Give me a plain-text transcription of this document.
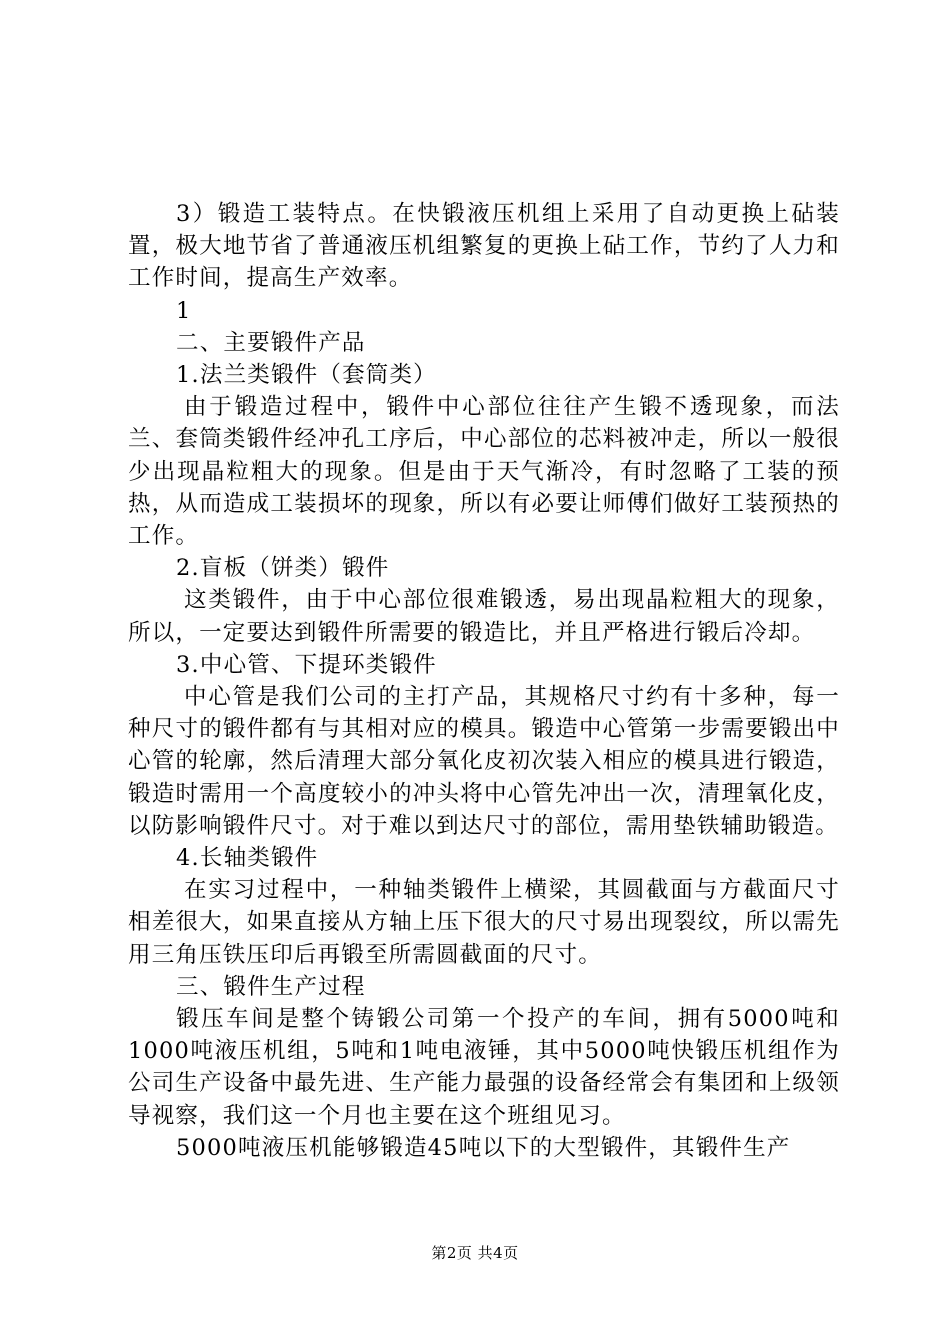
3）锻造工装特点。在快锻液压机组上采用了自动更换上砧装置，极大地节省了普通液压机组繁复的更换上砧工作，节约了人力和工作时间，提高生产效率。

1

二、主要锻件产品

1.法兰类锻件（套筒类）

由于锻造过程中，锻件中心部位往往产生锻不透现象，而法兰、套筒类锻件经冲孔工序后，中心部位的芯料被冲走，所以一般很少出现晶粒粗大的现象。但是由于天气渐冷，有时忽略了工装的预热，从而造成工装损坏的现象，所以有必要让师傅们做好工装预热的工作。

2.盲板（饼类）锻件

这类锻件，由于中心部位很难锻透，易出现晶粒粗大的现象，所以，一定要达到锻件所需要的锻造比，并且严格进行锻后冷却。

3.中心管、下提环类锻件

中心管是我们公司的主打产品，其规格尺寸约有十多种，每一种尺寸的锻件都有与其相对应的模具。锻造中心管第一步需要锻出中心管的轮廓，然后清理大部分氧化皮初次装入相应的模具进行锻造，锻造时需用一个高度较小的冲头将中心管先冲出一次，清理氧化皮，以防影响锻件尺寸。对于难以到达尺寸的部位，需用垫铁辅助锻造。

4.长轴类锻件

在实习过程中，一种轴类锻件上横梁，其圆截面与方截面尺寸相差很大，如果直接从方轴上压下很大的尺寸易出现裂纹，所以需先用三角压铁压印后再锻至所需圆截面的尺寸。

三、锻件生产过程

锻压车间是整个铸锻公司第一个投产的车间，拥有5000吨和1000吨液压机组，5吨和1吨电液锤，其中5000吨快锻压机组作为公司生产设备中最先进、生产能力最强的设备经常会有集团和上级领导视察，我们这一个月也主要在这个班组见习。

5000吨液压机能够锻造45吨以下的大型锻件，其锻件生产

第2页 共4页
